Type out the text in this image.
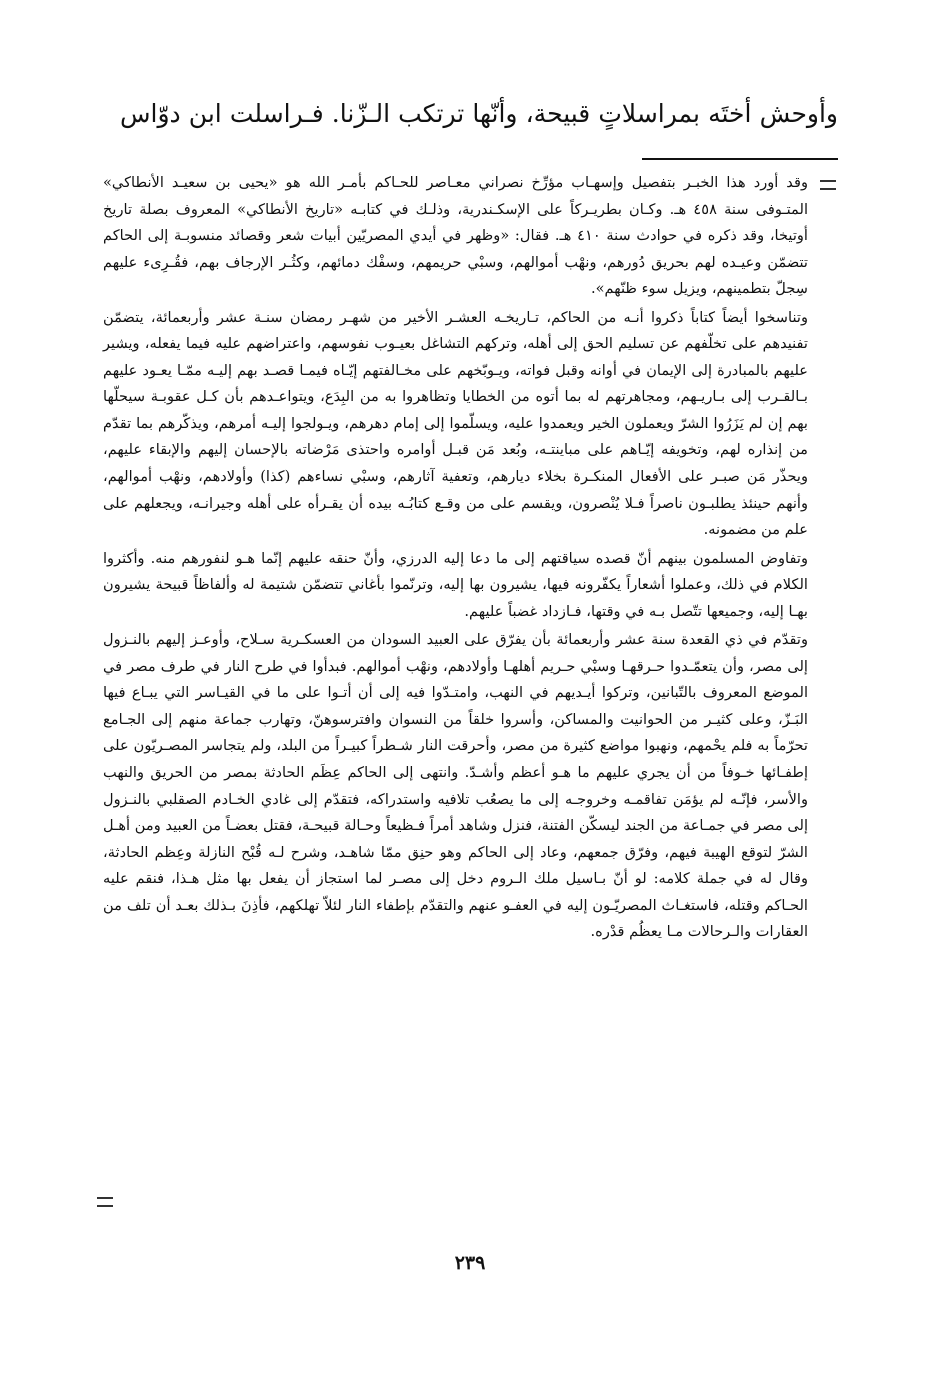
وأوحش أختَه بمراسلاتٍ قبيحة، وأنّها ترتكب الـزّنا. فـراسلت ابن دوّاس

وقد أورد هذا الخبـر بتفصيل وإسهـاب مؤرِّخ نصراني معـاصر للحـاكم بأمـر الله هو «يحيى بن سعيـد الأنطاكي» المتـوفى سنة ٤٥٨ هـ. وكـان بطريـركاً على الإسكـندرية، وذلـك في كتابـه «تاريخ الأنطاكي» المعروف بصلة تاريخ أوتيخا، وقد ذكره في حوادث سنة ٤١٠ هـ. فقال: «وظهر في أيدي المصريّين أبيات شعر وقصائد منسوبـة إلى الحاكم تتضمّن وعيـده لهم بحريق دُورهم، ونهْب أموالهم، وسبْي حريمهم، وسفْك دمائهم، وكثُـر الإرجاف بهم، فقُـرِىء عليهم سِجلّ بتطمينهم، ويزيل سوء ظنّهم».

وتناسخوا أيضاً كتاباً ذكروا أنـه من الحاكم، تـاريخـه العشـر الأخير من شهـر رمضان سنـة عشر وأربعمائة، يتضمّن تفنيدهم على تخلّفهم عن تسليم الحق إلى أهله، وتركهم التشاغل بعيـوب نفوسهم، واعتراضهم عليه فيما يفعله، ويشير عليهم بالمبادرة إلى الإيمان في أوانه وقبل فواته، ويـوبّخهم على مخـالفتهم إيّـاه فيمـا قصـد بهم إليـه ممّـا يعـود عليهم بـالقـرب إلى بـاريـهم، ومجاهرتهم له بما أتوه من الخطايا وتظاهروا به من البِدَع، ويتواعـدهم بأن كـل عقوبـة سيحلّها بهم إن لم يَزَرُوا الشرّ ويعملون الخير ويعمدوا عليه، ويسلّموا إلى إمام دهرهم، ويـولجوا إليـه أمرهم، ويذكّرهم بما تقدّم من إنذاره لهم، وتخويفه إيّـاهم على مباينتـه، وبُعد مَن قبـل أوامره واحتذى مَرْضاته بالإحسان إليهم والإبقاء عليهم، ويحذّر مَن صبـر على الأفعال المنكـرة بخلاء ديارهم، وتعفية آثارهم، وسبْي نساءهم (كذا) وأولادهم، ونهْب أموالهم، وأنهم حينئذ يطلبـون ناصراً فـلا يُنْصرون، ويقسم على من وقـع كتابُـه بيده أن يقـرأه على أهله وجيرانـه، ويجعلهم على علم من مضمونه.

وتفاوض المسلمون بينهم أنّ قصده سياقتهم إلى ما دعا إليه الدرزي، وأنّ حنقه عليهم إنّما هـو لنفورهم منه. وأكثروا الكلام في ذلك، وعملوا أشعاراً يكفّرونه فيها، يشيرون بها إليه، وترنّموا بأغاني تتضمّن شتيمة له وألفاظاً قبيحة يشيرون بهـا إليه، وجميعها تتّصل بـه في وقتها، فـازداد غضباً عليهم.

وتقدّم في ذي القعدة سنة عشر وأربعمائة بأن يفرّق على العبيد السودان من العسكـرية سـلاح، وأوعـز إليهم بالنـزول إلى مصر، وأن يتعمّـدوا حـرقهـا وسبْي حـريم أهلهـا وأولادهم، ونهْب أموالهم. فبدأوا في طرح النار في طرف مصر في الموضع المعروف بالتّبانين، وتركوا أيـديهم في النهب، وامتـدّوا فيه إلى أن أتـوا على ما في القيـاسر التي يبـاع فيها البَـزّ، وعلى كثيـر من الحوانيت والمساكن، وأسروا خلقاً من النسوان وافترسوهنّ، وتهارب جماعة منهم إلى الجـامع تحرّماً به فلم يحْمهم، ونهبوا مواضع كثيرة من مصر، وأحرقت النار شـطراً كبيـراً من البلد، ولم يتجاسر المصـريّون على إطفـائها خـوفاً من أن يجري عليهم ما هـو أعظم وأشـدّ. وانتهى إلى الحاكم عِظَم الحادثة بمصر من الحريق والنهب والأسر، فإنّـه لم يؤمَن تفاقمـه وخروجـه إلى ما يصعُب تلافيه واستدراكه، فتقدّم إلى غادي الخـادم الصقلبي بالنـزول إلى مصر في جمـاعة من الجند ليسكّن الفتنة، فنزل وشاهد أمراً فـظيعاً وحـالة قبيحـة، فقتل بعضـاً من العبيد ومن أهـل الشرّ لتوقع الهيبة فيهم، وفرّق جمعهم، وعاد إلى الحاكم وهو حنِق ممّا شاهـد، وشرح لـه قُبْح النازلة وعِظم الحادثة، وقال له في جملة كلامه: لو أنّ بـاسيل ملك الـروم دخل إلى مصـر لما استجاز أن يفعل بها مثل هـذا، فنقم عليه الحـاكم وقتله، فاستغـاث المصريّـون إليه في العفـو عنهم والتقدّم بإطفاء النار لئلاّ تهلكهم، فأذِنَ بـذلك بعـد أن تلف من العقارات والـرحالات مـا يعظُم قدْره.

٢٣٩
